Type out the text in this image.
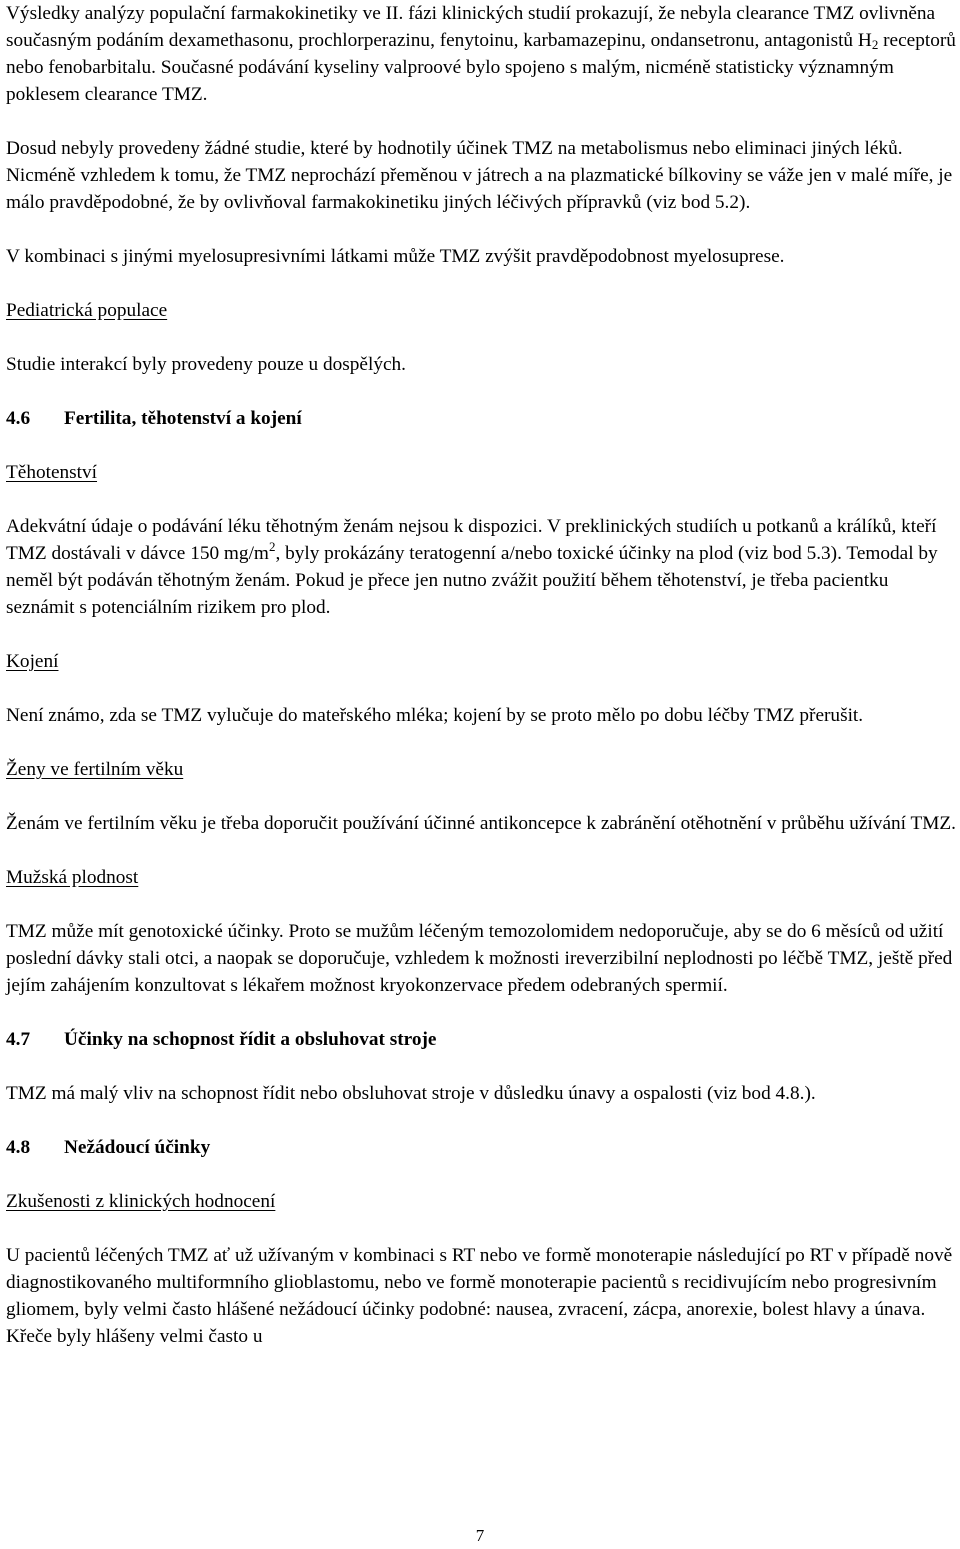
Výsledky analýzy populační farmakokinetiky ve II. fázi klinických studií prokazují, že nebyla clearance TMZ ovlivněna současným podáním dexamethasonu, prochlorperazinu, fenytoinu, karbamazepinu, ondansetronu, antagonistů $H_2$ receptorů nebo fenobarbitalu. Současné podávání kyseliny valproové bylo spojeno s malým, nicméně statisticky významným poklesem clearance TMZ.

Dosud nebyly provedeny žádné studie, které by hodnotily účinek TMZ na metabolismus nebo eliminaci jiných léků. Nicméně vzhledem k tomu, že TMZ neprochází přeměnou v játrech a na plazmatické bílkoviny se váže jen v malé míře, je málo pravděpodobné, že by ovlivňoval farmakokinetiku jiných léčivých přípravků (viz bod 5.2).

V kombinaci s jinými myelosupresivními látkami může TMZ zvýšit pravděpodobnost myelosuprese.

Pediatrická populace

Studie interakcí byly provedeny pouze u dospělých.

4.6	Fertilita, těhotenství a kojení

Těhotenství

Adekvátní údaje o podávání léku těhotným ženám nejsou k dispozici. V preklinických studiích u potkanů a králíků, kteří TMZ dostávali v dávce 150 $mg/m^2$, byly prokázány teratogenní a/nebo toxické účinky na plod (viz bod 5.3). Temodal by neměl být podáván těhotným ženám. Pokud je přece jen nutno zvážit použití během těhotenství, je třeba pacientku seznámit s potenciálním rizikem pro plod.

Kojení

Není známo, zda se TMZ vylučuje do mateřského mléka; kojení by se proto mělo po dobu léčby TMZ přerušit.

Ženy ve fertilním věku

Ženám ve fertilním věku je třeba doporučit používání účinné antikoncepce k zabránění otěhotnění v průběhu užívání TMZ.

Mužská plodnost

TMZ může mít genotoxické účinky. Proto se mužům léčeným temozolomidem nedoporučuje, aby se do 6 měsíců od užití poslední dávky stali otci, a naopak se doporučuje, vzhledem k možnosti ireverzibilní neplodnosti po léčbě TMZ, ještě před jejím zahájením konzultovat s lékařem možnost kryokonzervace předem odebraných spermií.

4.7	Účinky na schopnost řídit a obsluhovat stroje

TMZ má malý vliv na schopnost řídit nebo obsluhovat stroje v důsledku únavy a ospalosti (viz bod 4.8.).

4.8	Nežádoucí účinky

Zkušenosti z klinických hodnocení

U pacientů léčených TMZ ať už užívaným v kombinaci s RT nebo ve formě monoterapie následující po RT v případě nově diagnostikovaného multiformního glioblastomu, nebo ve formě monoterapie pacientů s recidivujícím nebo progresivním gliomem, byly velmi často hlášené nežádoucí účinky podobné: nausea, zvracení, zácpa, anorexie, bolest hlavy a únava. Křeče byly hlášeny velmi často u

7
